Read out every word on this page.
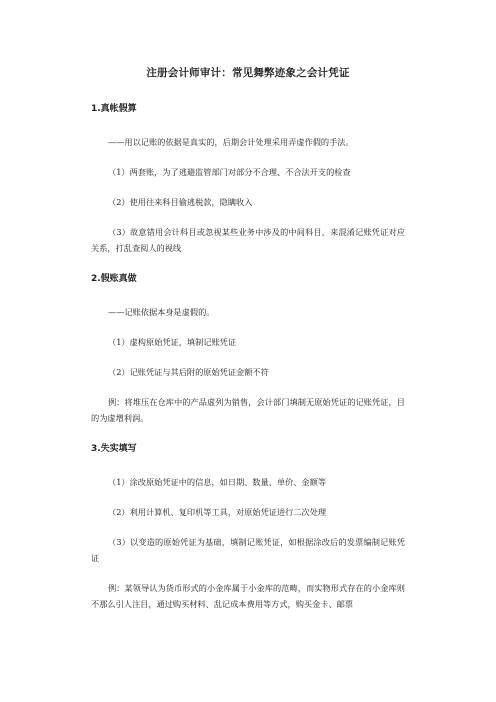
注册会计师审计：常见舞弊迹象之会计凭证
1.真帐假算

——用以记账的依据是真实的，后期会计处理采用弄虚作假的手法。

（1）两套账，为了逃避监管部门对部分不合理、不合法开支的检查

（2）使用往来科目偷逃税款，隐瞒收入

（3）故意错用会计科目或忽视某些业务中涉及的中间科目，来混淆记账凭证对应关系，打乱查阅人的视线

2.假账真做

——记账依据本身是虚假的。

（1）虚构原始凭证，填制记账凭证

（2）记账凭证与其后附的原始凭证金额不符

例：将堆压在仓库中的产品虚列为销售，会计部门填制无原始凭证的记账凭证，目的为虚增利润。

3.失实填写

（1）涂改原始凭证中的信息，如日期、数量、单价、金额等

（2）利用计算机、复印机等工具，对原始凭证进行二次处理

（3）以变造的原始凭证为基础，填制记账凭证，如根据涂改后的发票编制记账凭证

例：某领导认为货币形式的小金库属于小金库的范畴，而实物形式存在的小金库则不那么引人注目，通过购买材料、乱记成本费用等方式，购买金卡、邮票
